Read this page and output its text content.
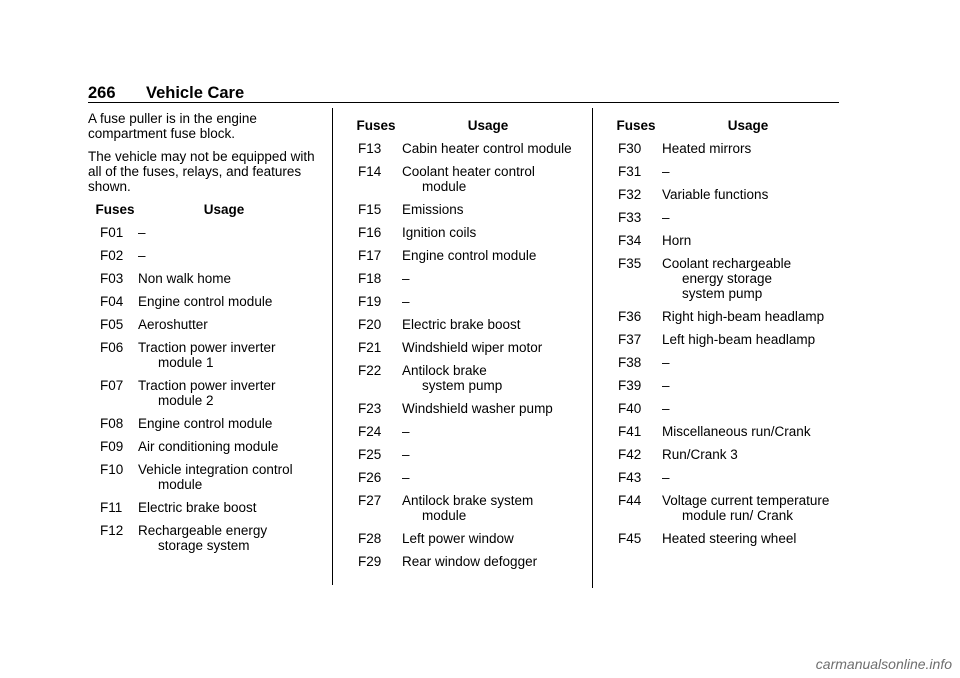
266 Vehicle Care

A fuse puller is in the engine compartment fuse block.

The vehicle may not be equipped with all of the fuses, relays, and features shown.

Fuses	Usage
F01	–
F02	–
F03	Non walk home
F04	Engine control module
F05	Aeroshutter
F06	Traction power inverter module 1
F07	Traction power inverter module 2
F08	Engine control module
F09	Air conditioning module
F10	Vehicle integration control module
F11	Electric brake boost
F12	Rechargeable energy storage system
Fuses	Usage
F13	Cabin heater control module
F14	Coolant heater control module
F15	Emissions
F16	Ignition coils
F17	Engine control module
F18	–
F19	–
F20	Electric brake boost
F21	Windshield wiper motor
F22	Antilock brake
system pump
F23	Windshield washer pump
F24	–
F25	–
F26	–
F27	Antilock brake system module
F28	Left power window
F29	Rear window defogger
Fuses	Usage
F30	Heated mirrors
F31	–
F32	Variable functions
F33	–
F34	Horn
F35	Coolant rechargeable energy storage
system pump
F36	Right high-beam headlamp
F37	Left high-beam headlamp
F38	–
F39	–
F40	–
F41	Miscellaneous run/Crank
F42	Run/Crank 3
F43	–
F44	Voltage current temperature module run/ Crank
F45	Heated steering wheel
carmanualsonline.info
